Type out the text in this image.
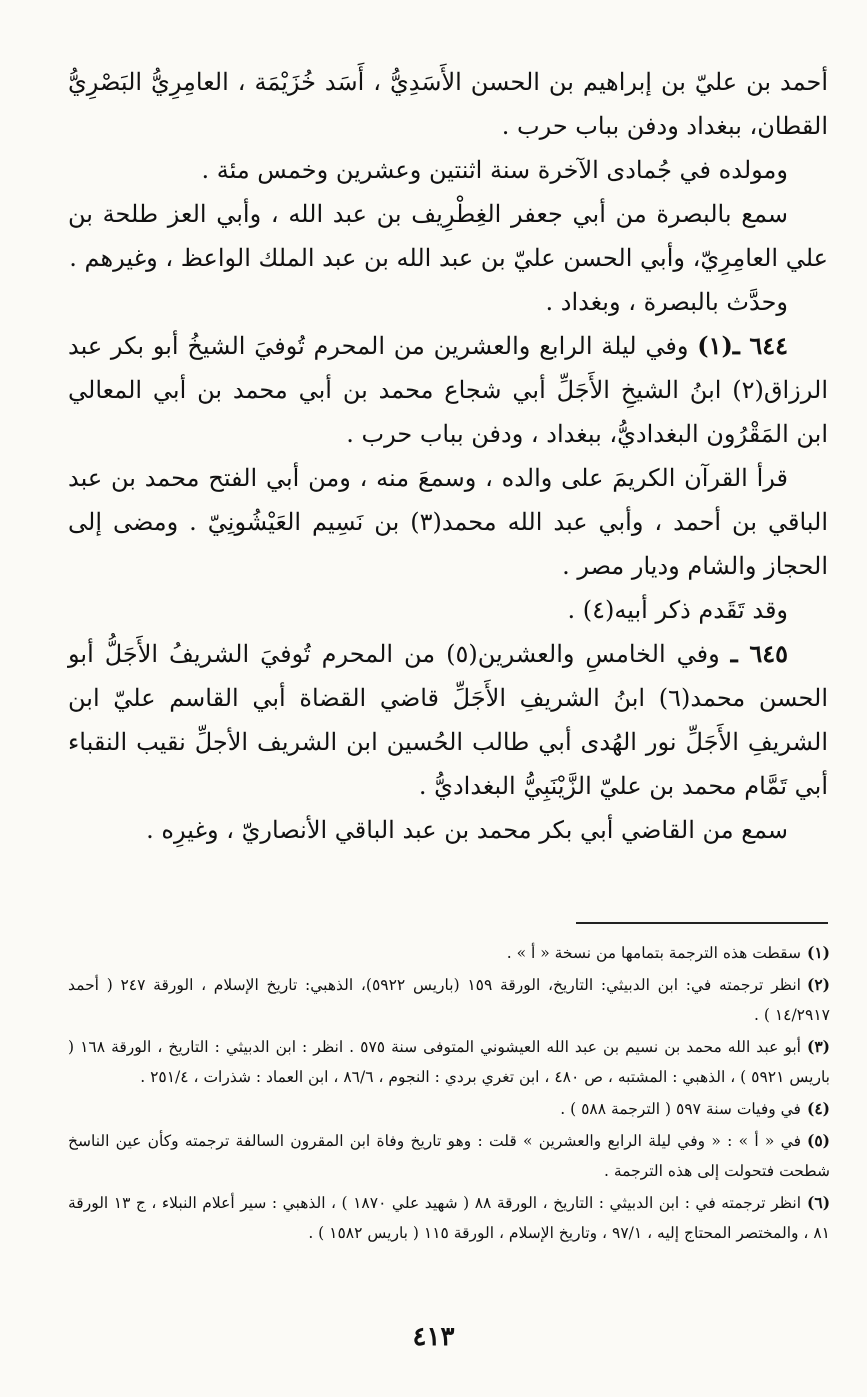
أحمد بن عليّ بن إبراهيم بن الحسن الأَسَدِيُّ ، أَسَد خُزَيْمَة ، العامِرِيُّ البَصْرِيُّ القطان، ببغداد ودفن بباب حرب .

ومولده في جُمادى الآخرة سنة اثنتين وعشرين وخمس مئة .

سمع بالبصرة من أبي جعفر الغِطْرِيف بن عبد الله ، وأبي العز طلحة بن علي العامِرِيّ، وأبي الحسن عليّ بن عبد الله بن عبد الملك الواعظ ، وغيرهم .

وحدَّث بالبصرة ، وبغداد .

٦٤٤ ـ(١) وفي ليلة الرابع والعشرين من المحرم تُوفيَ الشيخُ أبو بكر عبد الرزاق(٢) ابنُ الشيخِ الأَجَلِّ أبي شجاع محمد بن أبي محمد بن أبي المعالي ابن المَقْرُون البغداديُّ، ببغداد ، ودفن بباب حرب .

قرأ القرآن الكريمَ على والده ، وسمعَ منه ، ومن أبي الفتح محمد بن عبد الباقي بن أحمد ، وأبي عبد الله محمد(٣) بن نَسِيم العَيْشُونِيّ . ومضى إلى الحجاز والشام وديار مصر .

وقد تَقَدم ذكر أبيه(٤) .

٦٤٥ ـ وفي الخامسِ والعشرين(٥) من المحرم تُوفيَ الشريفُ الأَجَلُّ أبو الحسن محمد(٦) ابنُ الشريفِ الأَجَلِّ قاضي القضاة أبي القاسم عليّ ابن الشريفِ الأَجَلِّ نور الهُدى أبي طالب الحُسين ابن الشريف الأجلِّ نقيب النقباء أبي تَمَّام محمد بن عليّ الزَّيْنَبِيُّ البغداديُّ .

سمع من القاضي أبي بكر محمد بن عبد الباقي الأنصاريّ ، وغيرِه .

(١)سقطت هذه الترجمة بتمامها من نسخة « أ » .

(٢)انظر ترجمته في: ابن الدبيثي: التاريخ، الورقة ١٥٩ (باريس ٥٩٢٢)، الذهبي: تاريخ الإسلام ، الورقة ٢٤٧ ( أحمد ١٤/٢٩١٧ ) .

(٣)أبو عبد الله محمد بن نسيم بن عبد الله العيشوني المتوفى سنة ٥٧٥ . انظر : ابن الدبيثي : التاريخ ، الورقة ١٦٨ ( باريس ٥٩٢١ ) ، الذهبي : المشتبه ، ص ٤٨٠ ، ابن تغري بردي : النجوم ، ٨٦/٦ ، ابن العماد : شذرات ، ٢٥١/٤ .

(٤)في وفيات سنة ٥٩٧ ( الترجمة ٥٨٨ ) .

(٥)في « أ » : « وفي ليلة الرابع والعشرين » قلت : وهو تاريخ وفاة ابن المقرون السالفة ترجمته وكأن عين الناسخ شطحت فتحولت إلى هذه الترجمة .

(٦)انظر ترجمته في : ابن الدبيثي : التاريخ ، الورقة ٨٨ ( شهيد علي ١٨٧٠ ) ، الذهبي : سير أعلام النبلاء ، ج ١٣ الورقة ٨١ ، والمختصر المحتاج إليه ، ٩٧/١ ، وتاريخ الإسلام ، الورقة ١١٥ ( باريس ١٥٨٢ ) .

٤١٣
